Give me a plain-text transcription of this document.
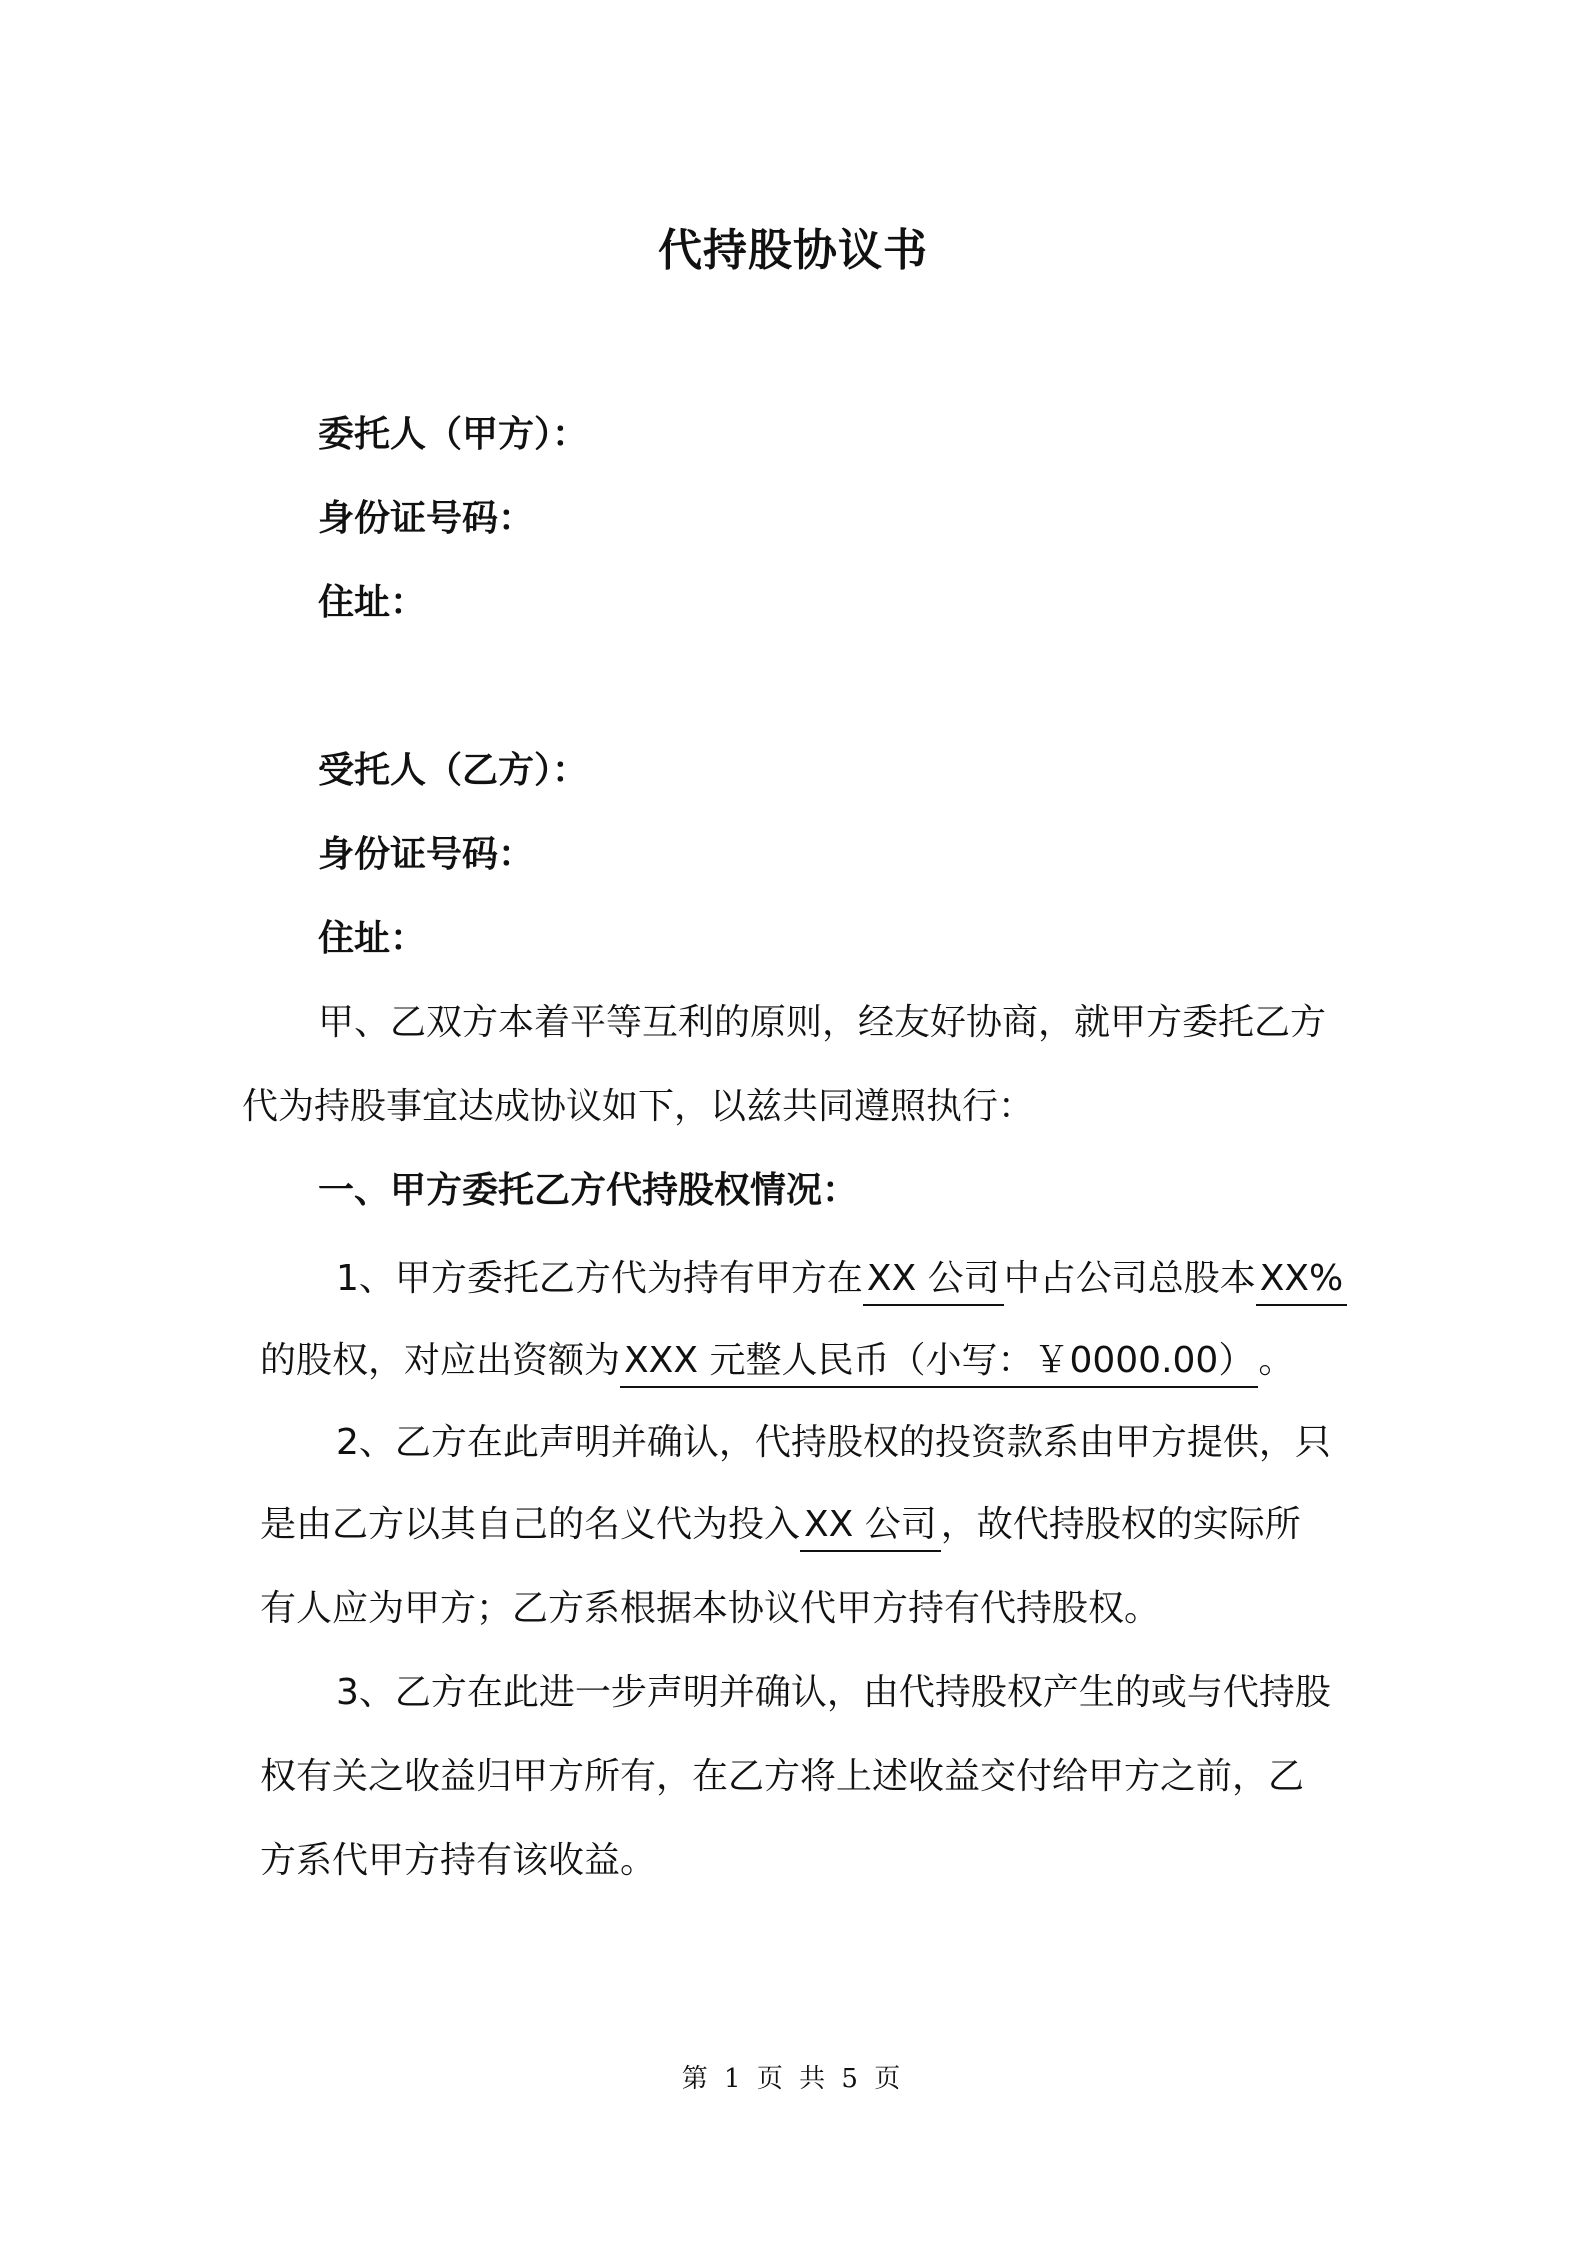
代持股协议书
委托人（甲方）：
身份证号码：
住址：
受托人（乙方）：
身份证号码：
住址：
甲、乙双方本着平等互利的原则，经友好协商，就甲方委托乙方
代为持股事宜达成协议如下，以兹共同遵照执行：
一、甲方委托乙方代持股权情况：
1、甲方委托乙方代为持有甲方在 XX 公司 中占公司总股本 XX%
的股权，对应出资额为 XXX 元整人民币（小写：￥0000.00） 。
2、乙方在此声明并确认，代持股权的投资款系由甲方提供，只
是由乙方以其自己的名义代为投入 XX 公司 ，故代持股权的实际所
有人应为甲方；乙方系根据本协议代甲方持有代持股权。
3、乙方在此进一步声明并确认，由代持股权产生的或与代持股
权有关之收益归甲方所有，在乙方将上述收益交付给甲方之前，乙
方系代甲方持有该收益。
第 1 页 共 5 页
